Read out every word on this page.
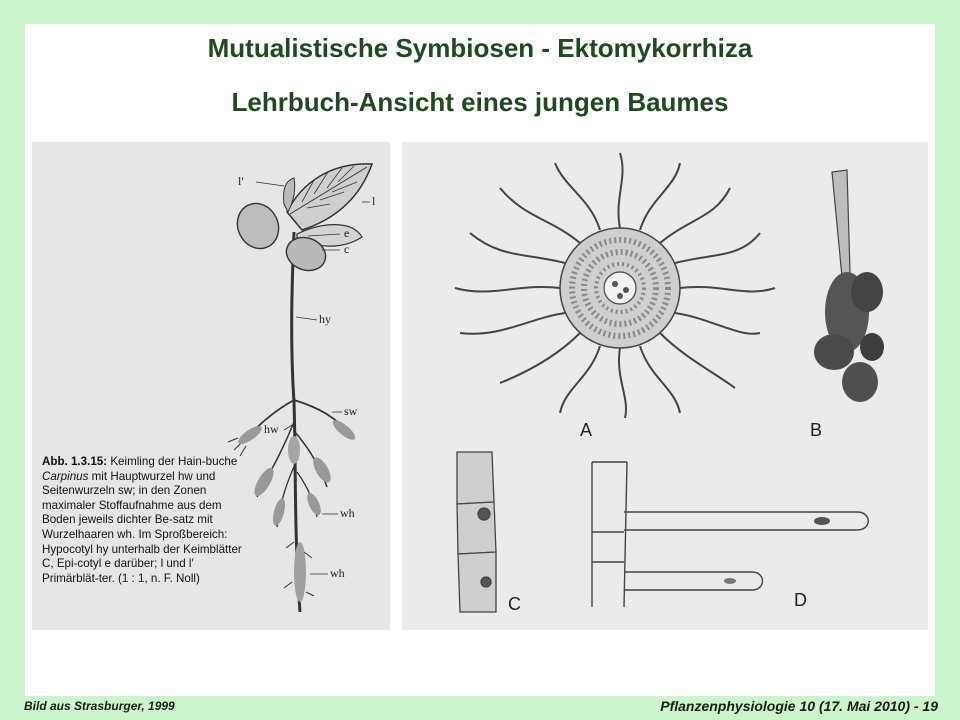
Mutualistische Symbiosen - Ektomykorrhiza
Lehrbuch-Ansicht eines jungen Baumes
l′
l
e
c
hy
sw
hw
wh
wh
Abb. 1.3.15: Keimling der Hain-buche Carpinus mit Hauptwurzel hw und Seitenwurzeln sw; in den Zonen maximaler Stoffaufnahme aus dem Boden jeweils dichter Be-satz mit Wurzelhaaren wh. Im Sproßbereich: Hypocotyl hy unterhalb der Keimblätter C, Epi-cotyl e darüber; l und l′ Primärblät-ter. (1 : 1, n. F. Noll)
A	B
C	D
Bild aus Strasburger, 1999	Pflanzenphysiologie 10 (17. Mai 2010) - 19
